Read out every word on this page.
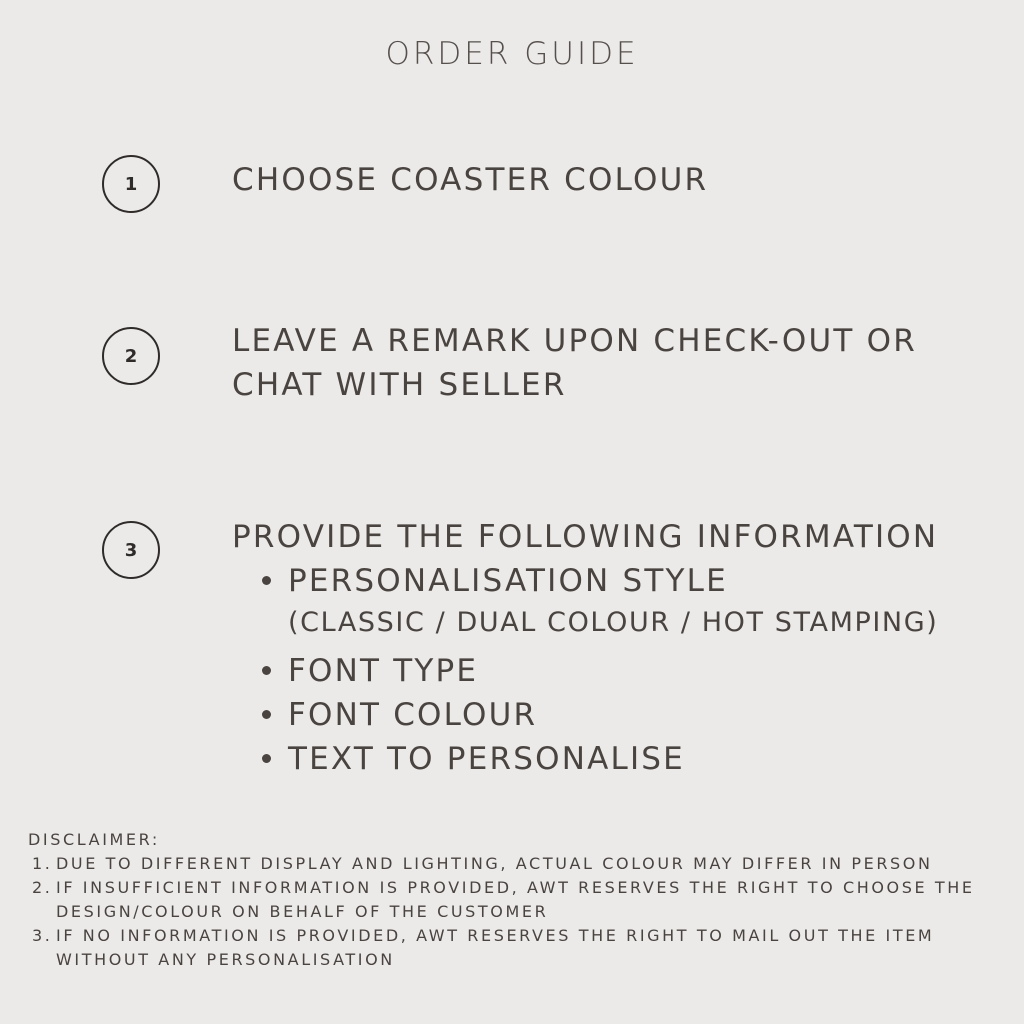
ORDER GUIDE
1	CHOOSE COASTER COLOUR
2	LEAVE A REMARK UPON CHECK-OUT OR
CHAT WITH SELLER
3	PROVIDE THE FOLLOWING INFORMATION
PERSONALISATION STYLE
(CLASSIC / DUAL COLOUR / HOT STAMPING)
FONT TYPE
FONT COLOUR
TEXT TO PERSONALISE
DISCLAIMER:
1. DUE TO DIFFERENT DISPLAY AND LIGHTING, ACTUAL COLOUR MAY DIFFER IN PERSON
2. IF INSUFFICIENT INFORMATION IS PROVIDED, AWT RESERVES THE RIGHT TO CHOOSE THE
DESIGN/COLOUR ON BEHALF OF THE CUSTOMER
3. IF NO INFORMATION IS PROVIDED, AWT RESERVES THE RIGHT TO MAIL OUT THE ITEM
WITHOUT ANY PERSONALISATION
